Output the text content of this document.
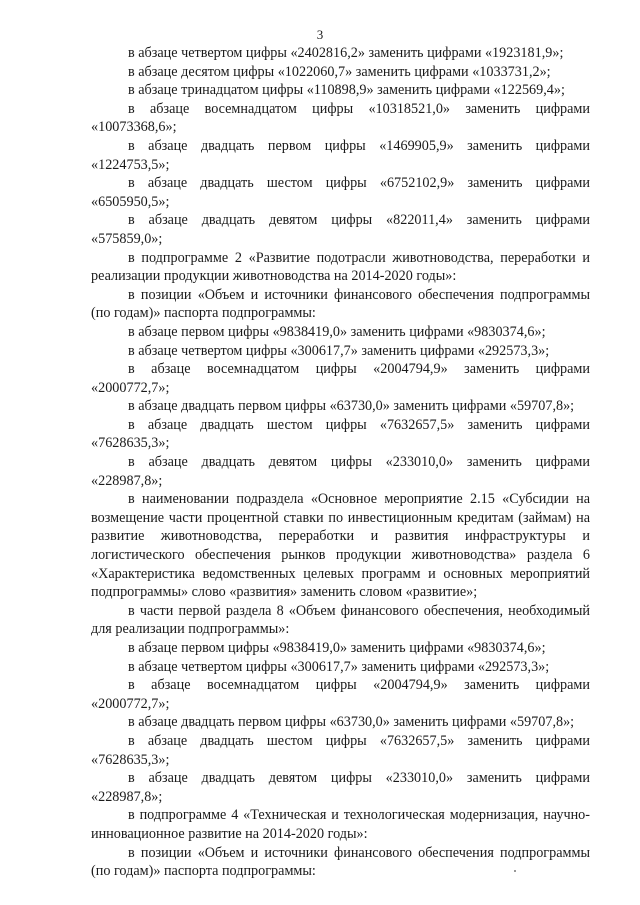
3

в абзаце четвертом цифры «2402816,2» заменить цифрами «1923181,9»;

в абзаце десятом цифры «1022060,7» заменить цифрами «1033731,2»;

в абзаце тринадцатом цифры «110898,9» заменить цифрами «122569,4»;

в абзаце восемнадцатом цифры «10318521,0» заменить цифрами «10073368,6»;

в абзаце двадцать первом цифры «1469905,9» заменить цифрами «1224753,5»;

в абзаце двадцать шестом цифры «6752102,9» заменить цифрами «6505950,5»;

в абзаце двадцать девятом цифры «822011,4» заменить цифрами «575859,0»;

в подпрограмме 2 «Развитие подотрасли животноводства, переработки и реализации продукции животноводства на 2014-2020 годы»:

в позиции «Объем и источники финансового обеспечения подпрограммы (по годам)» паспорта подпрограммы:

в абзаце первом цифры «9838419,0» заменить цифрами «9830374,6»;

в абзаце четвертом цифры «300617,7» заменить цифрами «292573,3»;

в абзаце восемнадцатом цифры «2004794,9» заменить цифрами «2000772,7»;

в абзаце двадцать первом цифры «63730,0» заменить цифрами «59707,8»;

в абзаце двадцать шестом цифры «7632657,5» заменить цифрами «7628635,3»;

в абзаце двадцать девятом цифры «233010,0» заменить цифрами «228987,8»;

в наименовании подраздела «Основное мероприятие 2.15 «Субсидии на возмещение части процентной ставки по инвестиционным кредитам (займам) на развитие животноводства, переработки и развития инфраструктуры и логистического обеспечения рынков продукции животноводства» раздела 6 «Характеристика ведомственных целевых программ и основных мероприятий подпрограммы» слово «развития» заменить словом «развитие»;

в части первой раздела 8 «Объем финансового обеспечения, необходимый для реализации подпрограммы»:

в абзаце первом цифры «9838419,0» заменить цифрами «9830374,6»;

в абзаце четвертом цифры «300617,7» заменить цифрами «292573,3»;

в абзаце восемнадцатом цифры «2004794,9» заменить цифрами «2000772,7»;

в абзаце двадцать первом цифры «63730,0» заменить цифрами «59707,8»;

в абзаце двадцать шестом цифры «7632657,5» заменить цифрами «7628635,3»;

в абзаце двадцать девятом цифры «233010,0» заменить цифрами «228987,8»;

в подпрограмме 4 «Техническая и технологическая модернизация, научно-инновационное развитие на 2014-2020 годы»:

в позиции «Объем и источники финансового обеспечения подпрограммы (по годам)» паспорта подпрограммы:
